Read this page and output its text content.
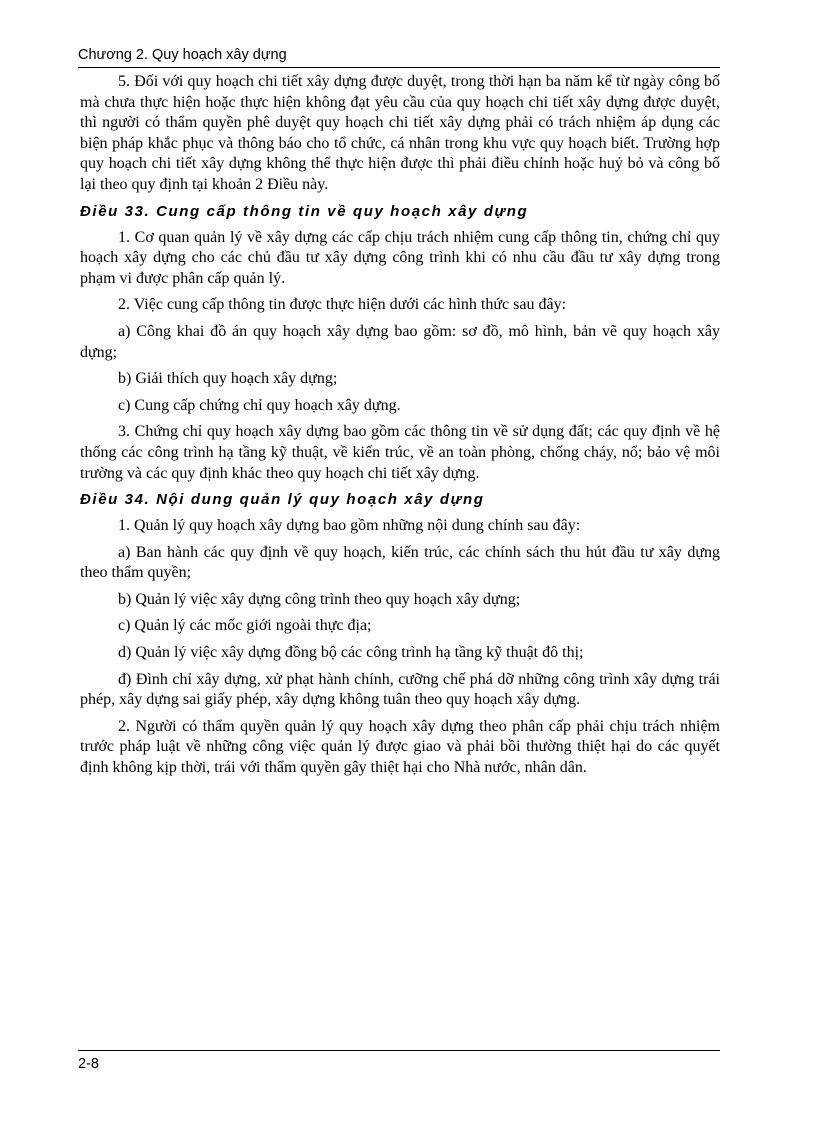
Chương 2. Quy hoạch xây dựng

5. Đối với quy hoạch chi tiết xây dựng được duyệt, trong thời hạn ba năm kể từ ngày công bố mà chưa thực hiện hoặc thực hiện không đạt yêu cầu của quy hoạch chi tiết xây dựng được duyệt, thì người có thẩm quyền phê duyệt quy hoạch chi tiết xây dựng phải có trách nhiệm áp dụng các biện pháp khắc phục và thông báo cho tổ chức, cá nhân trong khu vực quy hoạch biết. Trường hợp quy hoạch chi tiết xây dựng không thể thực hiện được thì phải điều chỉnh hoặc huỷ bỏ và công bố lại theo quy định tại khoản 2 Điều này.

Điều 33. Cung cấp thông tin về quy hoạch xây dựng

1. Cơ quan quản lý về xây dựng các cấp chịu trách nhiệm cung cấp thông tin, chứng chỉ quy hoạch xây dựng cho các chủ đầu tư xây dựng công trình khi có nhu cầu đầu tư xây dựng trong phạm vi được phân cấp quản lý.

2. Việc cung cấp thông tin được thực hiện dưới các hình thức sau đây:

a) Công khai đồ án quy hoạch xây dựng bao gồm: sơ đồ, mô hình, bản vẽ quy hoạch xây dựng;

b) Giải thích quy hoạch xây dựng;

c) Cung cấp chứng chỉ quy hoạch xây dựng.

3. Chứng chỉ quy hoạch xây dựng bao gồm các thông tin về sử dụng đất; các quy định về hệ thống các công trình hạ tầng kỹ thuật, về kiến trúc, về an toàn phòng, chống cháy, nổ; bảo vệ môi trường và các quy định khác theo quy hoạch chi tiết xây dựng.

Điều 34. Nội dung quản lý quy hoạch xây dựng

1. Quản lý quy hoạch xây dựng bao gồm những nội dung chính sau đây:

a) Ban hành các quy định về quy hoạch, kiến trúc, các chính sách thu hút đầu tư xây dựng theo thẩm quyền;

b) Quản lý việc xây dựng công trình theo quy hoạch xây dựng;

c) Quản lý các mốc giới ngoài thực địa;

d) Quản lý việc xây dựng đồng bộ các công trình hạ tầng kỹ thuật đô thị;

đ) Đình chỉ xây dựng, xử phạt hành chính, cưỡng chế phá dỡ những công trình xây dựng trái phép, xây dựng sai giấy phép, xây dựng không tuân theo quy hoạch xây dựng.

2. Người có thẩm quyền quản lý quy hoạch xây dựng theo phân cấp phải chịu trách nhiệm trước pháp luật về những công việc quản lý được giao và phải bồi thường thiệt hại do các quyết định không kịp thời, trái với thẩm quyền gây thiệt hại cho Nhà nước, nhân dân.

2-8
